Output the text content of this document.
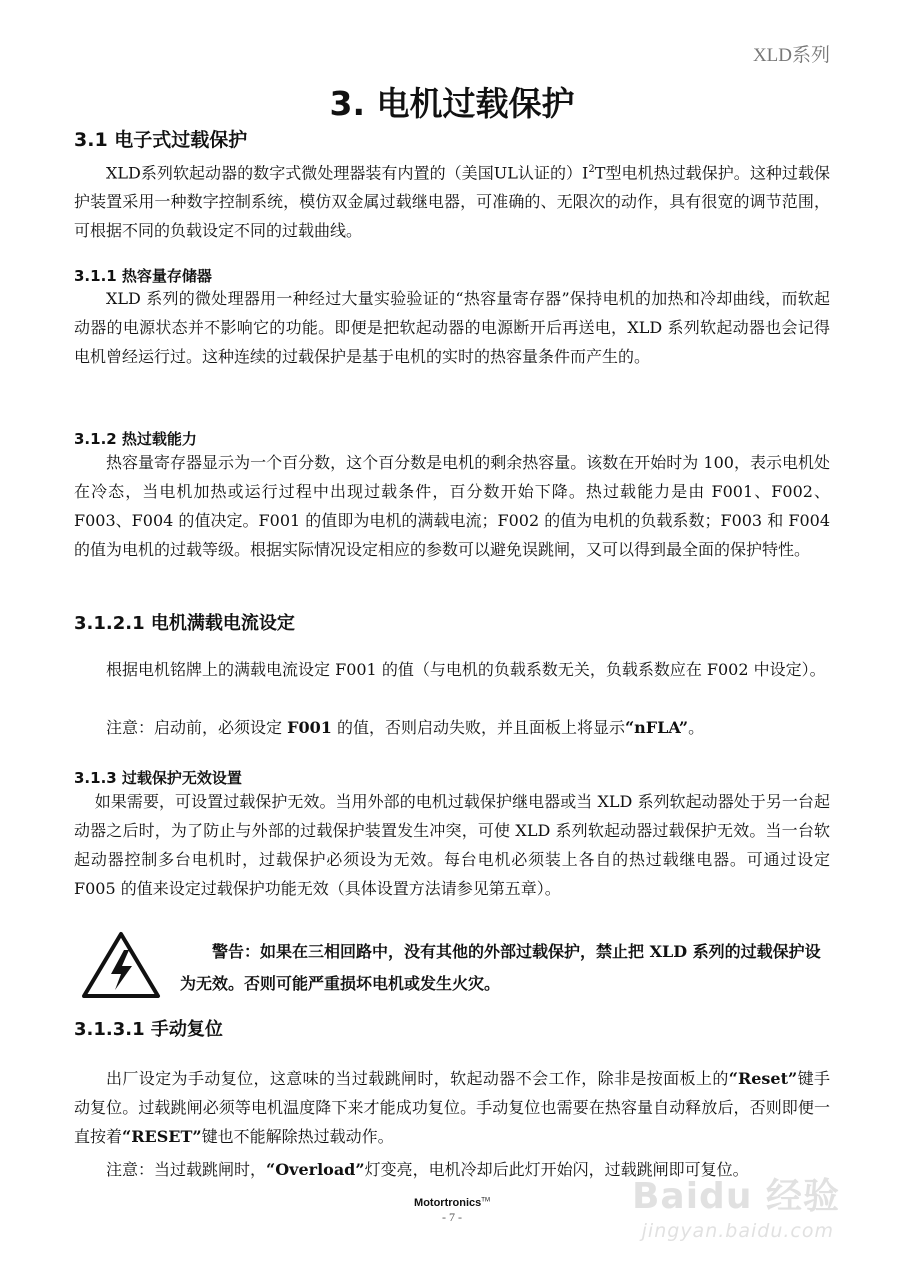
XLD系列
3. 电机过载保护
3.1 电子式过载保护
XLD系列软起动器的数字式微处理器装有内置的（美国UL认证的）$I^2T$型电机热过载保护。这种过载保护装置采用一种数字控制系统，模仿双金属过载继电器，可准确的、无限次的动作，具有很宽的调节范围，可根据不同的负载设定不同的过载曲线。
3.1.1 热容量存储器
XLD 系列的微处理器用一种经过大量实验验证的“热容量寄存器”保持电机的加热和冷却曲线，而软起动器的电源状态并不影响它的功能。即便是把软起动器的电源断开后再送电，XLD 系列软起动器也会记得电机曾经运行过。这种连续的过载保护是基于电机的实时的热容量条件而产生的。
3.1.2 热过载能力
热容量寄存器显示为一个百分数，这个百分数是电机的剩余热容量。该数在开始时为 100，表示电机处在冷态，当电机加热或运行过程中出现过载条件，百分数开始下降。热过载能力是由 F001、F002、F003、F004 的值决定。F001 的值即为电机的满载电流；F002 的值为电机的负载系数；F003 和 F004 的值为电机的过载等级。根据实际情况设定相应的参数可以避免误跳闸，又可以得到最全面的保护特性。
3.1.2.1 电机满载电流设定
根据电机铭牌上的满载电流设定 F001 的值（与电机的负载系数无关，负载系数应在 F002 中设定）。
注意：启动前，必须设定 F001 的值，否则启动失败，并且面板上将显示“nFLA”。
3.1.3 过载保护无效设置
如果需要，可设置过载保护无效。当用外部的电机过载保护继电器或当 XLD 系列软起动器处于另一台起动器之后时，为了防止与外部的过载保护装置发生冲突，可使 XLD 系列软起动器过载保护无效。当一台软起动器控制多台电机时，过载保护必须设为无效。每台电机必须装上各自的热过载继电器。可通过设定 F005 的值来设定过载保护功能无效（具体设置方法请参见第五章）。
警告：如果在三相回路中，没有其他的外部过载保护，禁止把 XLD 系列的过载保护设为无效。否则可能严重损坏电机或发生火灾。
3.1.3.1 手动复位
出厂设定为手动复位，这意味的当过载跳闸时，软起动器不会工作，除非是按面板上的“Reset”键手动复位。过载跳闸必须等电机温度降下来才能成功复位。手动复位也需要在热容量自动释放后，否则即便一直按着“RESET”键也不能解除热过载动作。
注意：当过载跳闸时，“Overload”灯变亮，电机冷却后此灯开始闪，过载跳闸即可复位。
Motortronics™
- 7 -	Baidu 经验
jingyan.baidu.com
